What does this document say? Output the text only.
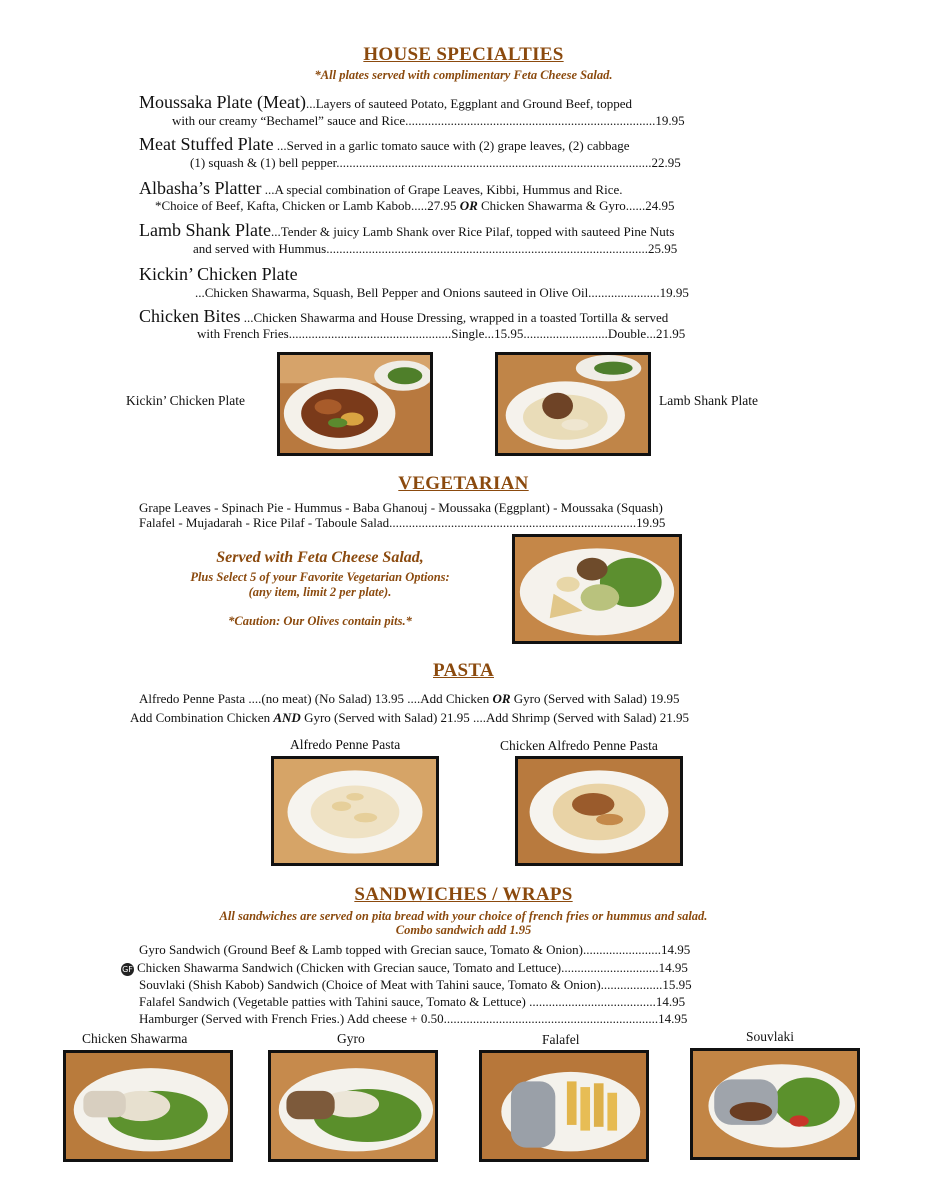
HOUSE SPECIALTIES
*All plates served with complimentary Feta Cheese Salad.
Moussaka Plate (Meat)...Layers of sauteed Potato, Eggplant and Ground Beef, topped
with our creamy “Bechamel” sauce and Rice.............................................................................19.95
Meat Stuffed Plate ...Served in a garlic tomato sauce with (2) grape leaves, (2) cabbage
(1) squash & (1) bell pepper.................................................................................................22.95
Albasha’s Platter ...A special combination of Grape Leaves, Kibbi, Hummus and Rice.
*Choice of Beef, Kafta, Chicken or Lamb Kabob.....27.95 OR Chicken Shawarma & Gyro......24.95
Lamb Shank Plate...Tender & juicy Lamb Shank over Rice Pilaf, topped with sauteed Pine Nuts
and served with Hummus...................................................................................................25.95
Kickin’ Chicken Plate
...Chicken Shawarma, Squash, Bell Pepper and Onions sauteed in Olive Oil......................19.95
Chicken Bites ...Chicken Shawarma and House Dressing, wrapped in a toasted Tortilla & served
with French Fries..................................................Single...15.95..........................Double...21.95
Kickin’ Chicken Plate	Lamb Shank Plate
VEGETARIAN
Grape Leaves - Spinach Pie - Hummus - Baba Ghanouj - Moussaka (Eggplant) - Moussaka (Squash)
Falafel - Mujadarah - Rice Pilaf - Taboule Salad............................................................................19.95
Served with Feta Cheese Salad,
Plus Select 5 of your Favorite Vegetarian Options:
(any item, limit 2 per plate).
*Caution: Our Olives contain pits.*
PASTA
Alfredo Penne Pasta ....(no meat) (No Salad) 13.95 ....Add Chicken OR Gyro (Served with Salad) 19.95
Add Combination Chicken AND Gyro (Served with Salad) 21.95 ....Add Shrimp (Served with Salad) 21.95
Alfredo Penne Pasta	Chicken Alfredo Penne Pasta
SANDWICHES / WRAPS
All sandwiches are served on pita bread with your choice of french fries or hummus and salad.
Combo sandwich add 1.95
Gyro Sandwich (Ground Beef & Lamb topped with Grecian sauce, Tomato & Onion)........................14.95
GF Chicken Shawarma Sandwich (Chicken with Grecian sauce, Tomato and Lettuce)..............................14.95
Souvlaki (Shish Kabob) Sandwich (Choice of Meat with Tahini sauce, Tomato & Onion)...................15.95
Falafel Sandwich (Vegetable patties with Tahini sauce, Tomato & Lettuce) .......................................14.95
Hamburger (Served with French Fries.) Add cheese + 0.50..................................................................14.95
Chicken Shawarma	Gyro	Falafel	Souvlaki
